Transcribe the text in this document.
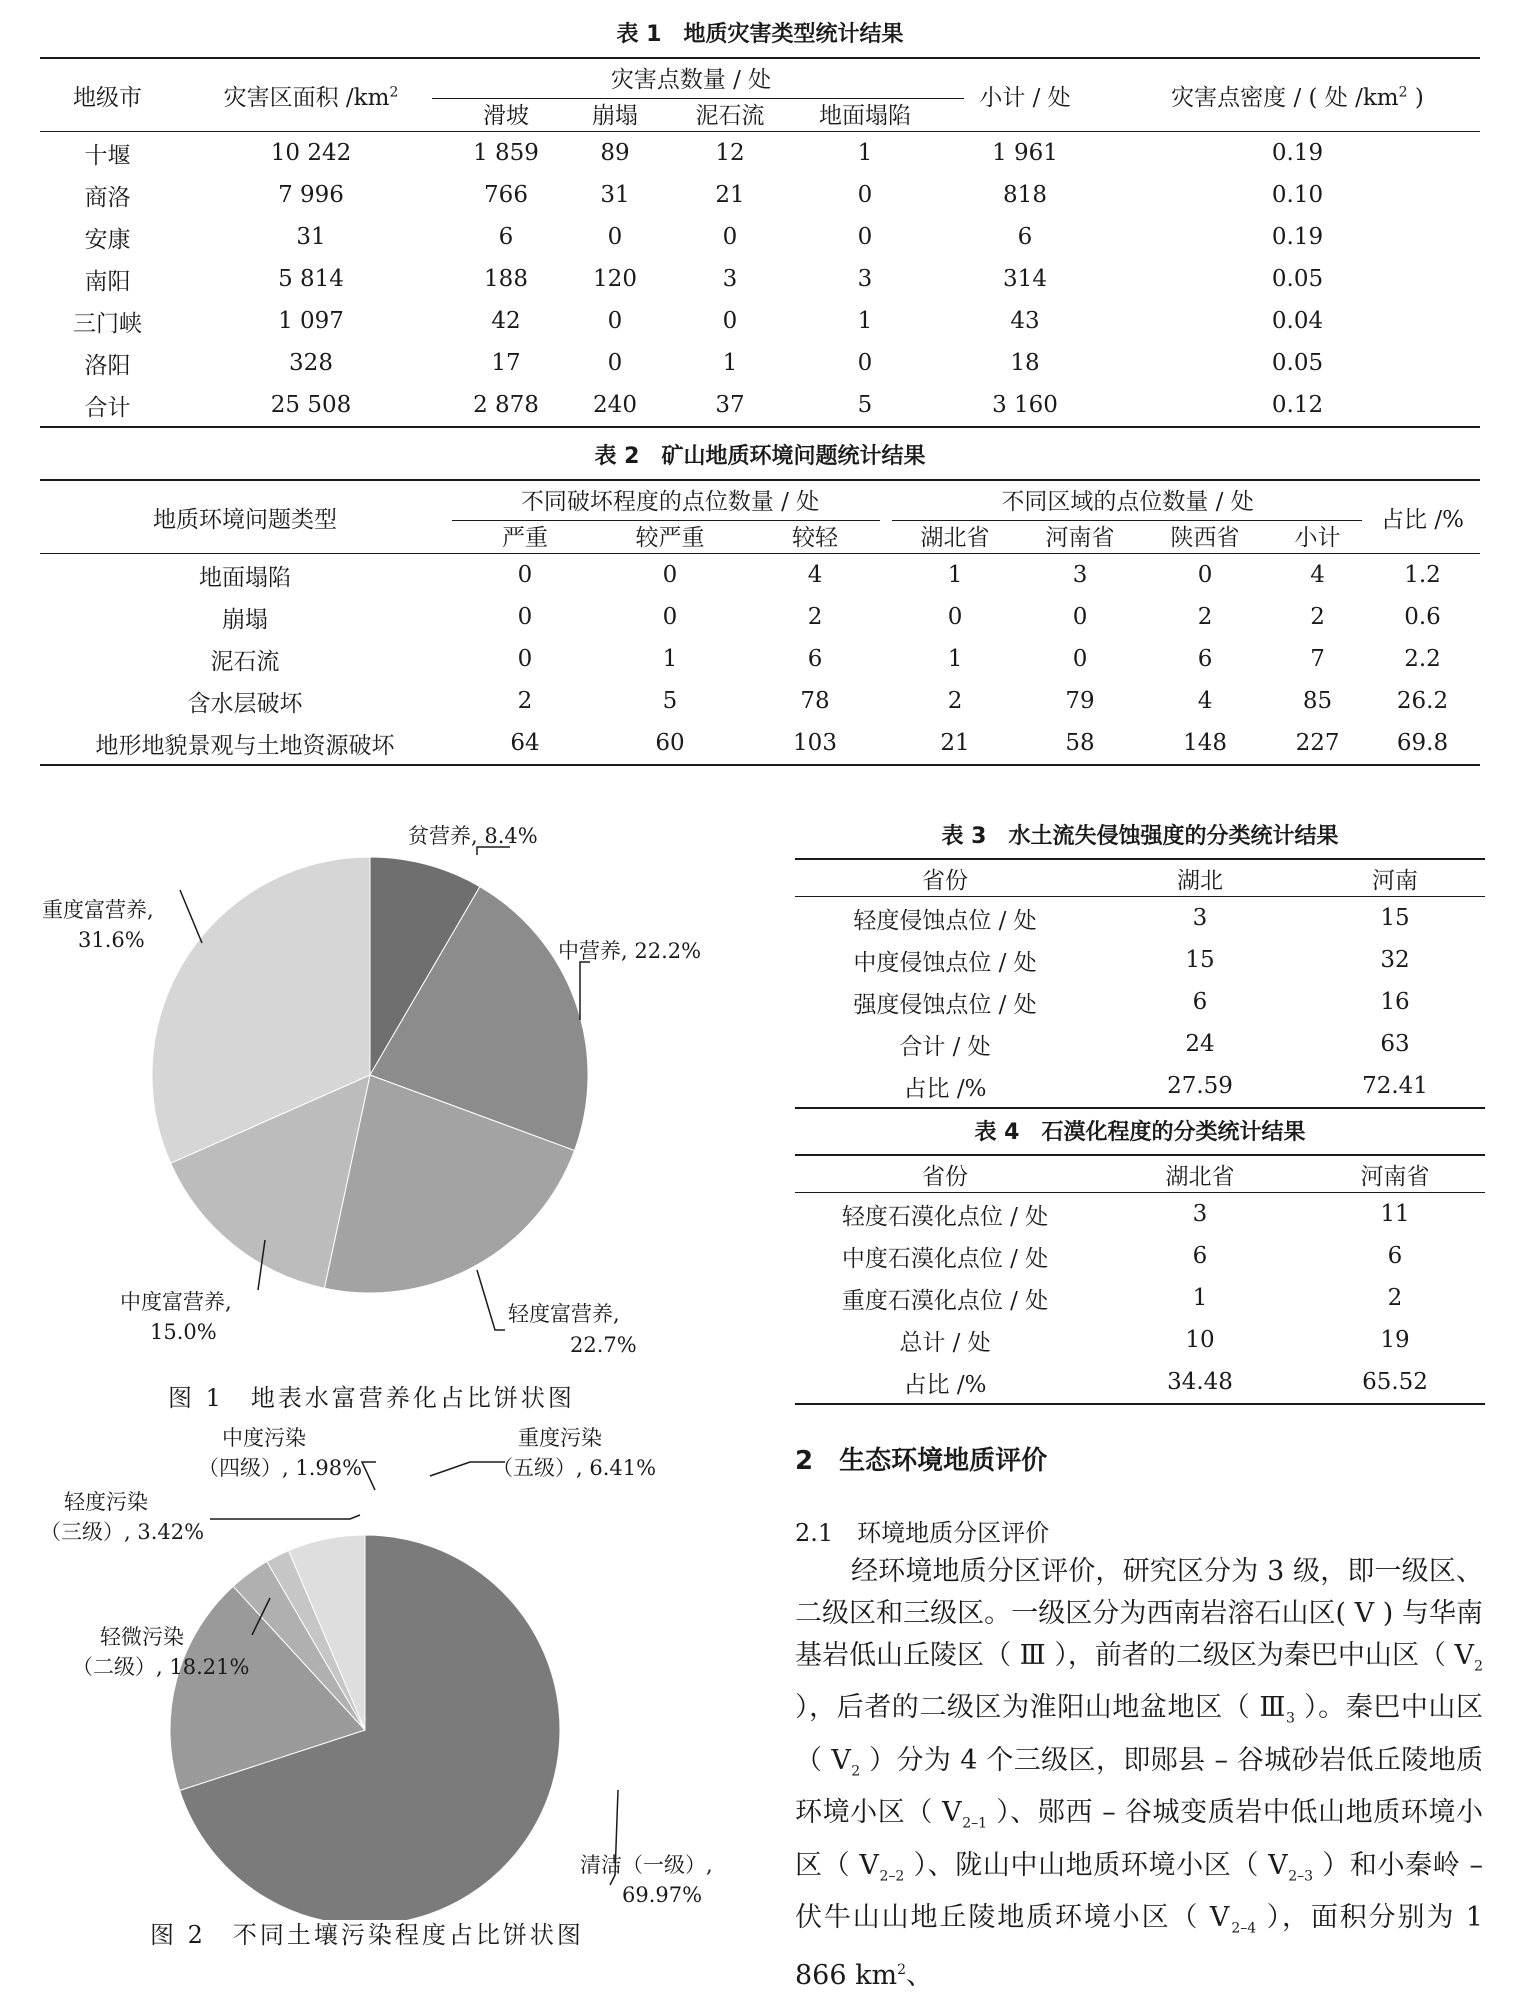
表 1　地质灾害类型统计结果
地级市	灾害区面积 $/km^2$	灾害点数量 / 处				小计 / 处	灾害点密度 / ( 处 $/km^2$ )
		滑坡	崩塌	泥石流	地面塌陷		
十堰	10 242	1 859	89	12	1	1 961	0.19
商洛	7 996	766	31	21	0	818	0.10
安康	31	6	0	0	0	6	0.19
南阳	5 814	188	120	3	3	314	0.05
三门峡	1 097	42	0	0	1	43	0.04
洛阳	328	17	0	1	0	18	0.05
合计	25 508	2 878	240	37	5	3 160	0.12
表 2　矿山地质环境问题统计结果
地质环境问题类型	不同破坏程度的点位数量 / 处			不同区域的点位数量 / 处				占比 /%
	严重	较严重	较轻	湖北省	河南省	陕西省	小计	
地面塌陷	0	0	4	1	3	0	4	1.2
崩塌	0	0	2	0	0	2	2	0.6
泥石流	0	1	6	1	0	6	7	2.2
含水层破坏	2	5	78	2	79	4	85	26.2
地形地貌景观与土地资源破坏	64	60	103	21	58	148	227	69.8
贫营养, 8.4%
中营养, 22.2%
轻度富营养,
22.7%
中度富营养,
15.0%
重度富营养,
31.6%
图 1　地表水富营养化占比饼状图
中度污染
（四级）, 1.98%
重度污染
（五级）, 6.41%
轻度污染
（三级）, 3.42%
轻微污染
（二级）, 18.21%
清洁（一级）,
69.97%
图 2　不同土壤污染程度占比饼状图
表 3　水土流失侵蚀强度的分类统计结果
省份	湖北	河南
轻度侵蚀点位 / 处	3	15
中度侵蚀点位 / 处	15	32
强度侵蚀点位 / 处	6	16
合计 / 处	24	63
占比 /%	27.59	72.41
表 4　石漠化程度的分类统计结果
省份	湖北省	河南省
轻度石漠化点位 / 处	3	11
中度石漠化点位 / 处	6	6
重度石漠化点位 / 处	1	2
总计 / 处	10	19
占比 /%	34.48	65.52
2　生态环境地质评价
2.1　环境地质分区评价

经环境地质分区评价，研究区分为 3 级，即一级区、二级区和三级区。一级区分为西南岩溶石山区( Ⅴ ) 与华南基岩低山丘陵区（ Ⅲ ），前者的二级区为秦巴中山区（ $Ⅴ_2$ ），后者的二级区为淮阳山地盆地区（ $Ⅲ_3$ ）。秦巴中山区（ $Ⅴ_2$ ）分为 4 个三级区，即郧县 – 谷城砂岩低丘陵地质环境小区（ $Ⅴ_{2-1}$ ）、郧西 – 谷城变质岩中低山地质环境小区（ $Ⅴ_{2-2}$ ）、陇山中山地质环境小区（ $Ⅴ_{2-3}$ ）和小秦岭 – 伏牛山山地丘陵地质环境小区（ $Ⅴ_{2-4}$ ），面积分别为 1 866 $km^2$、
